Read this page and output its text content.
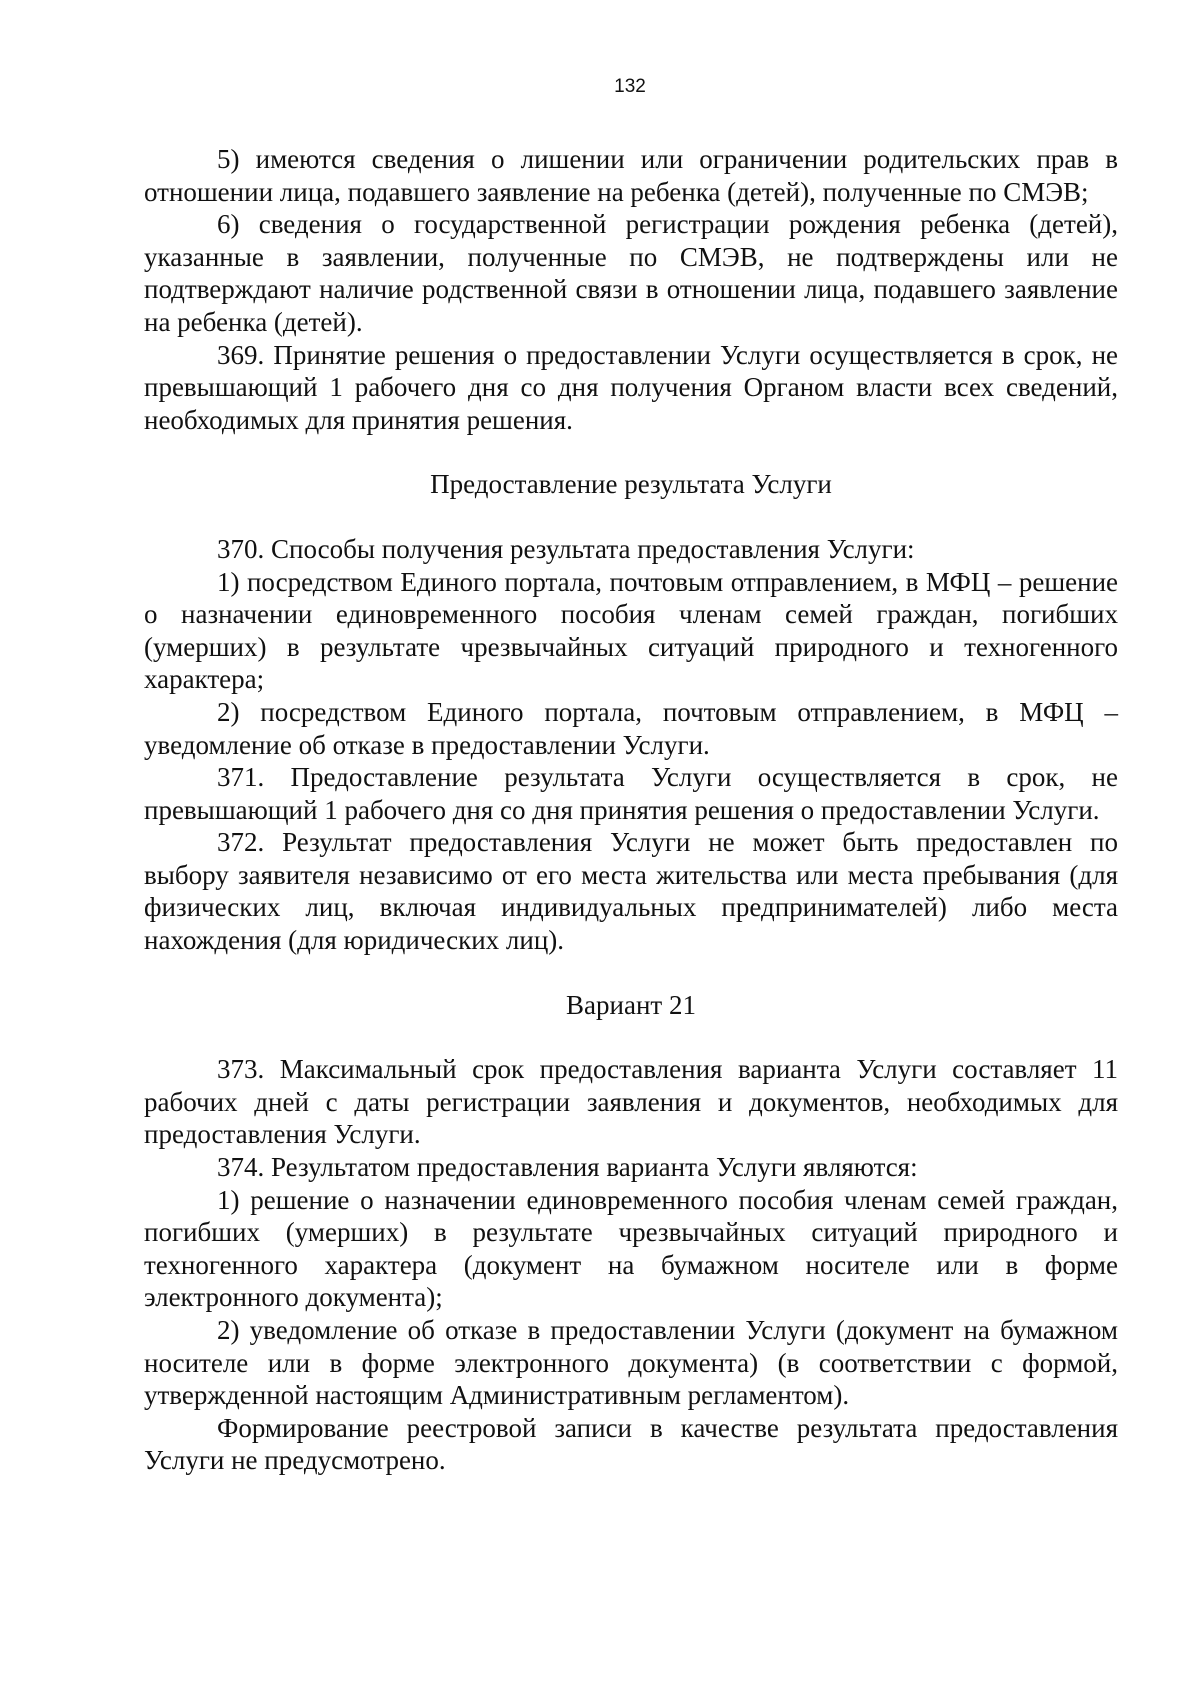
132

5) имеются сведения о лишении или ограничении родительских прав в отношении лица, подавшего заявление на ребенка (детей), полученные по СМЭВ;

6) сведения о государственной регистрации рождения ребенка (детей), указанные в заявлении, полученные по СМЭВ, не подтверждены или не подтверждают наличие родственной связи в отношении лица, подавшего заявление на ребенка (детей).

369. Принятие решения о предоставлении Услуги осуществляется в срок, не превышающий 1 рабочего дня со дня получения Органом власти всех сведений, необходимых для принятия решения.

Предоставление результата Услуги

370. Способы получения результата предоставления Услуги:

1) посредством Единого портала, почтовым отправлением, в МФЦ – решение о назначении единовременного пособия членам семей граждан, погибших (умерших) в результате чрезвычайных ситуаций природного и техногенного характера;

2) посредством Единого портала, почтовым отправлением, в МФЦ – уведомление об отказе в предоставлении Услуги.

371. Предоставление результата Услуги осуществляется в срок, не превышающий 1 рабочего дня со дня принятия решения о предоставлении Услуги.

372. Результат предоставления Услуги не может быть предоставлен по выбору заявителя независимо от его места жительства или места пребывания (для физических лиц, включая индивидуальных предпринимателей) либо места нахождения (для юридических лиц).

Вариант 21

373. Максимальный срок предоставления варианта Услуги составляет 11 рабочих дней с даты регистрации заявления и документов, необходимых для предоставления Услуги.

374. Результатом предоставления варианта Услуги являются:

1) решение о назначении единовременного пособия членам семей граждан, погибших (умерших) в результате чрезвычайных ситуаций природного и техногенного характера (документ на бумажном носителе или в форме электронного документа);

2) уведомление об отказе в предоставлении Услуги (документ на бумажном носителе или в форме электронного документа) (в соответствии с формой, утвержденной настоящим Административным регламентом).

Формирование реестровой записи в качестве результата предоставления Услуги не предусмотрено.
